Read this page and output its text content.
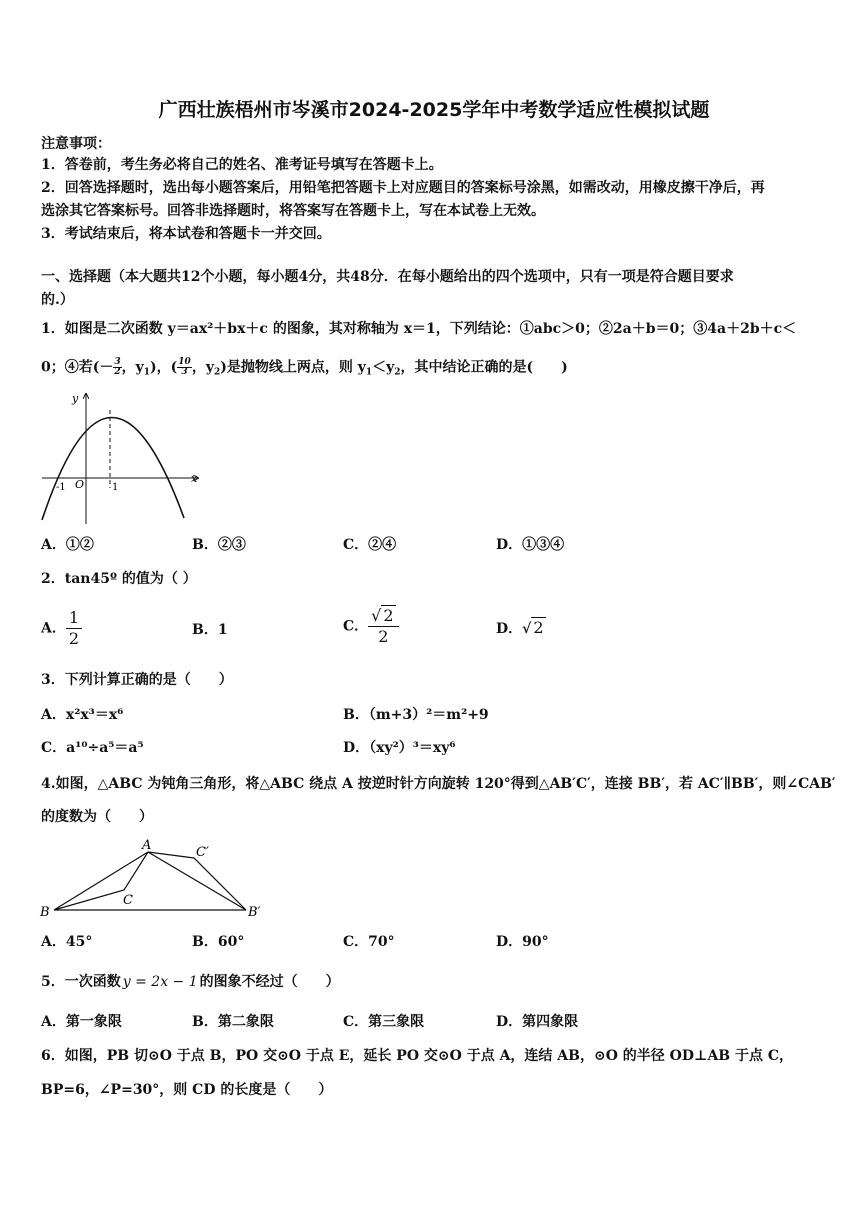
广西壮族梧州市岑溪市2024-2025学年中考数学适应性模拟试题
注意事项：
1．答卷前，考生务必将自己的姓名、准考证号填写在答题卡上。
2．回答选择题时，选出每小题答案后，用铅笔把答题卡上对应题目的答案标号涂黑，如需改动，用橡皮擦干净后，再
选涂其它答案标号。回答非选择题时，将答案写在答题卡上，写在本试卷上无效。
3．考试结束后，将本试卷和答题卡一并交回。
一、选择题（本大题共12个小题，每小题4分，共48分．在每小题给出的四个选项中，只有一项是符合题目要求
的.）
1．如图是二次函数 y＝ax²＋bx＋c 的图象，其对称轴为 x＝1，下列结论：①abc＞0；②2a＋b＝0；③4a＋2b＋c＜
0；④若(－ $\frac{3}{2}$ ，$y_1$)，( $\frac{10}{3}$ ，$y_2$)是抛物线上两点，则 $y_1<y_2$，其中结论正确的是(　　)
y
x
O
-1	1
A．①②	B．②③	C．②④	D．①③④
2．tan45º 的值为（ ）
A． $\frac{1}{2}$	B．1	C． $\frac{√ 2}{2}$	D．√ 2
3．下列计算正确的是（　　）
A．x²x³＝x⁶	B．（m+3）²＝m²+9
C．a¹⁰÷a⁵＝a⁵	D．（xy²）³＝xy⁶
4.如图，△ABC 为钝角三角形，将△ABC 绕点 A 按逆时针方向旋转 120°得到△AB′C′，连接 BB′，若 AC′∥BB′，则∠CAB′
的度数为（　　）
A	C′
C
B	B′
A．45°	B．60°	C．70°	D．90°
5．一次函数 y = 2x − 1 的图象不经过（　　）
A．第一象限	B．第二象限	C．第三象限	D．第四象限
6．如图，PB 切⊙O 于点 B，PO 交⊙O 于点 E，延长 PO 交⊙O 于点 A，连结 AB，⊙O 的半径 OD⊥AB 于点 C，
BP=6，∠P=30°，则 CD 的长度是（　　）
